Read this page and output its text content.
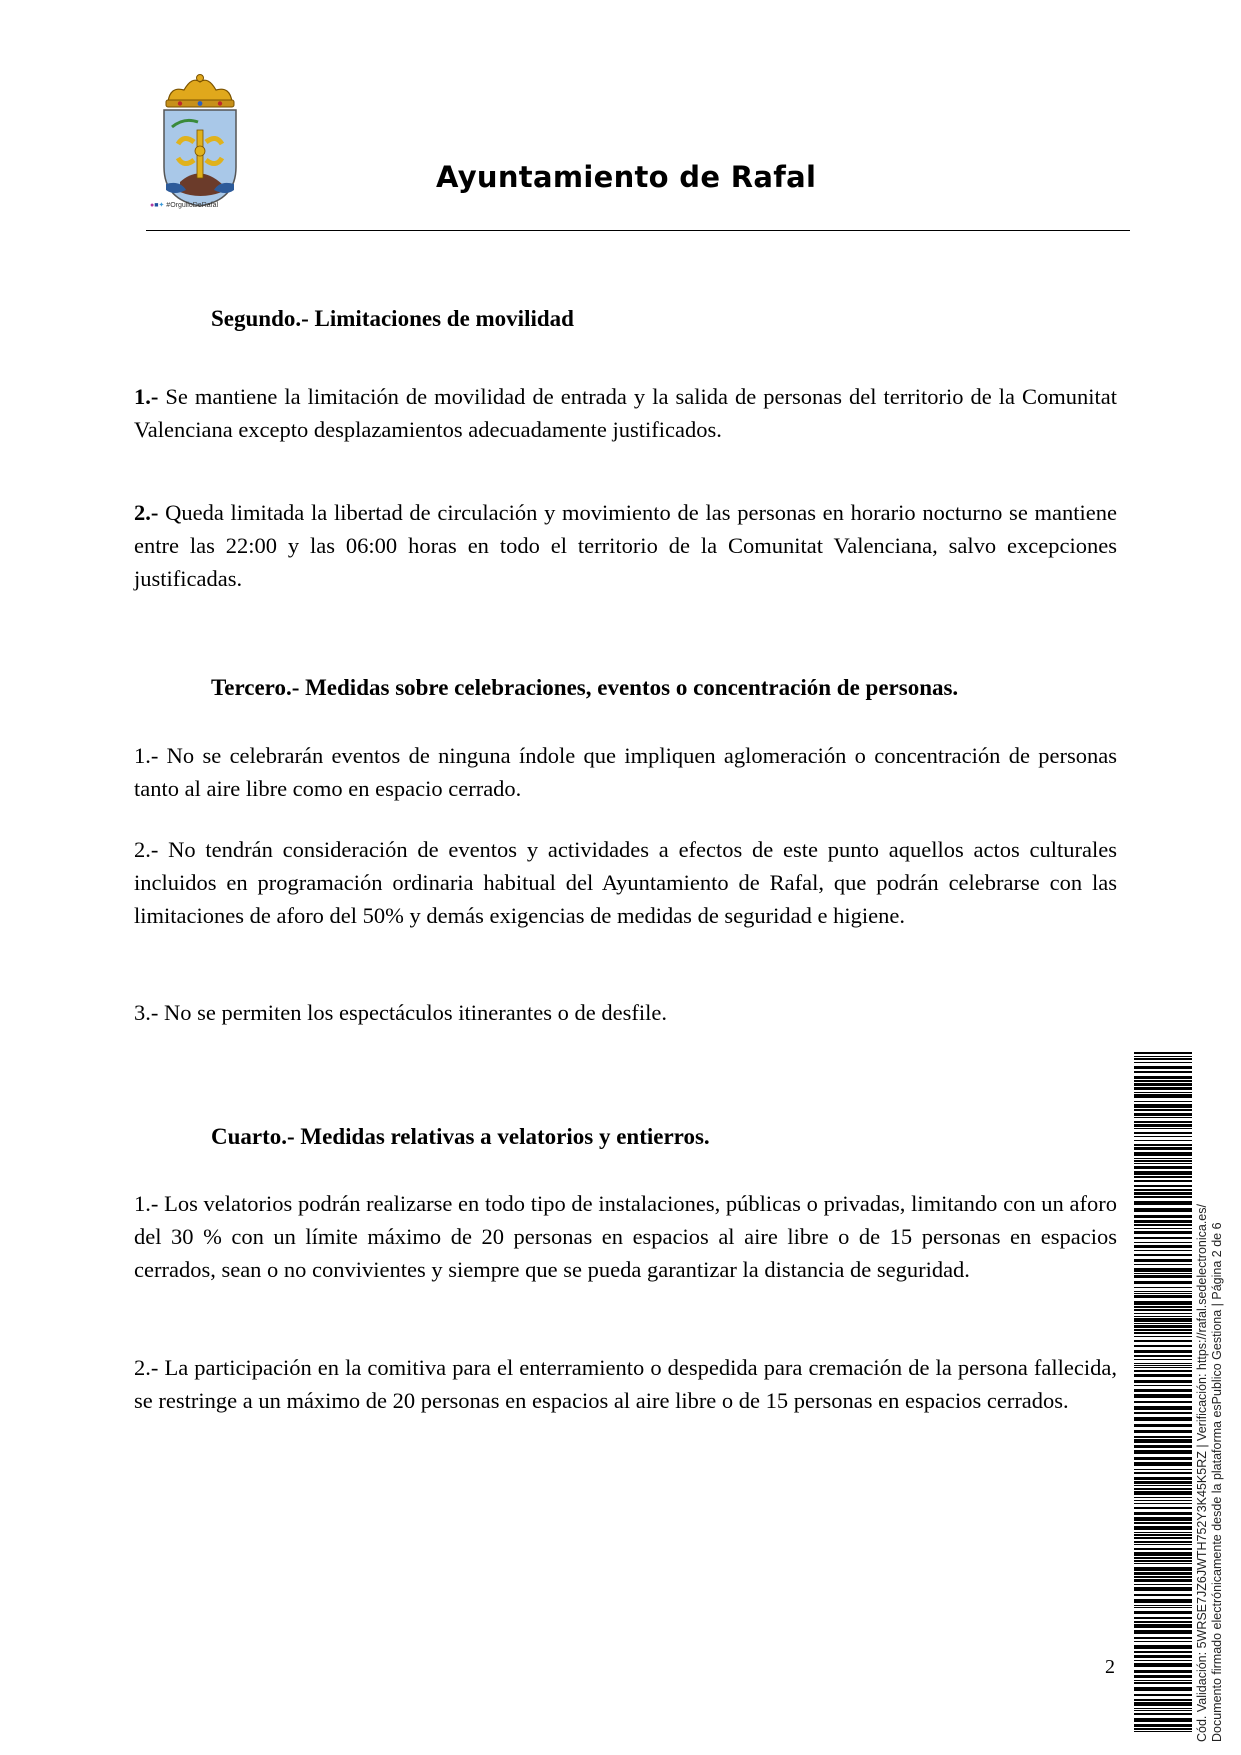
●■✦ #OrgulloDeRafal
Ayuntamiento de Rafal
Segundo.- Limitaciones de movilidad
1.- Se mantiene la limitación de movilidad de entrada y la salida de personas del territorio de la Comunitat Valenciana excepto desplazamientos adecuadamente justificados.
2.- Queda limitada la libertad de circulación y movimiento de las personas en horario nocturno se mantiene entre las 22:00 y las 06:00 horas en todo el territorio de la Comunitat Valenciana, salvo excepciones justificadas.
Tercero.- Medidas sobre celebraciones, eventos o concentración de personas.
1.- No se celebrarán eventos de ninguna índole que impliquen aglomeración o concentración de personas tanto al aire libre como en espacio cerrado.
2.- No tendrán consideración de eventos y actividades a efectos de este punto aquellos actos culturales incluidos en programación ordinaria habitual del Ayuntamiento de Rafal, que podrán celebrarse con las limitaciones de aforo del 50% y demás exigencias de medidas de seguridad e higiene.
3.- No se permiten los espectáculos itinerantes o de desfile.
Cuarto.- Medidas relativas a velatorios y entierros.
1.- Los velatorios podrán realizarse en todo tipo de instalaciones, públicas o privadas, limitando con un aforo del 30 % con un límite máximo de 20 personas en espacios al aire libre o de 15 personas en espacios cerrados, sean o no convivientes y siempre que se pueda garantizar la distancia de seguridad.
2.- La participación en la comitiva para el enterramiento o despedida para cremación de la persona fallecida, se restringe a un máximo de 20 personas en espacios al aire libre o de 15 personas en espacios cerrados.
2	Cód. Validación: 5WRSE7JZ6JWTH752Y3K45K5RZ | Verificación: https://rafal.sedelectronica.es/ Documento firmado electrónicamente desde la plataforma esPublico Gestiona | Página 2 de 6
